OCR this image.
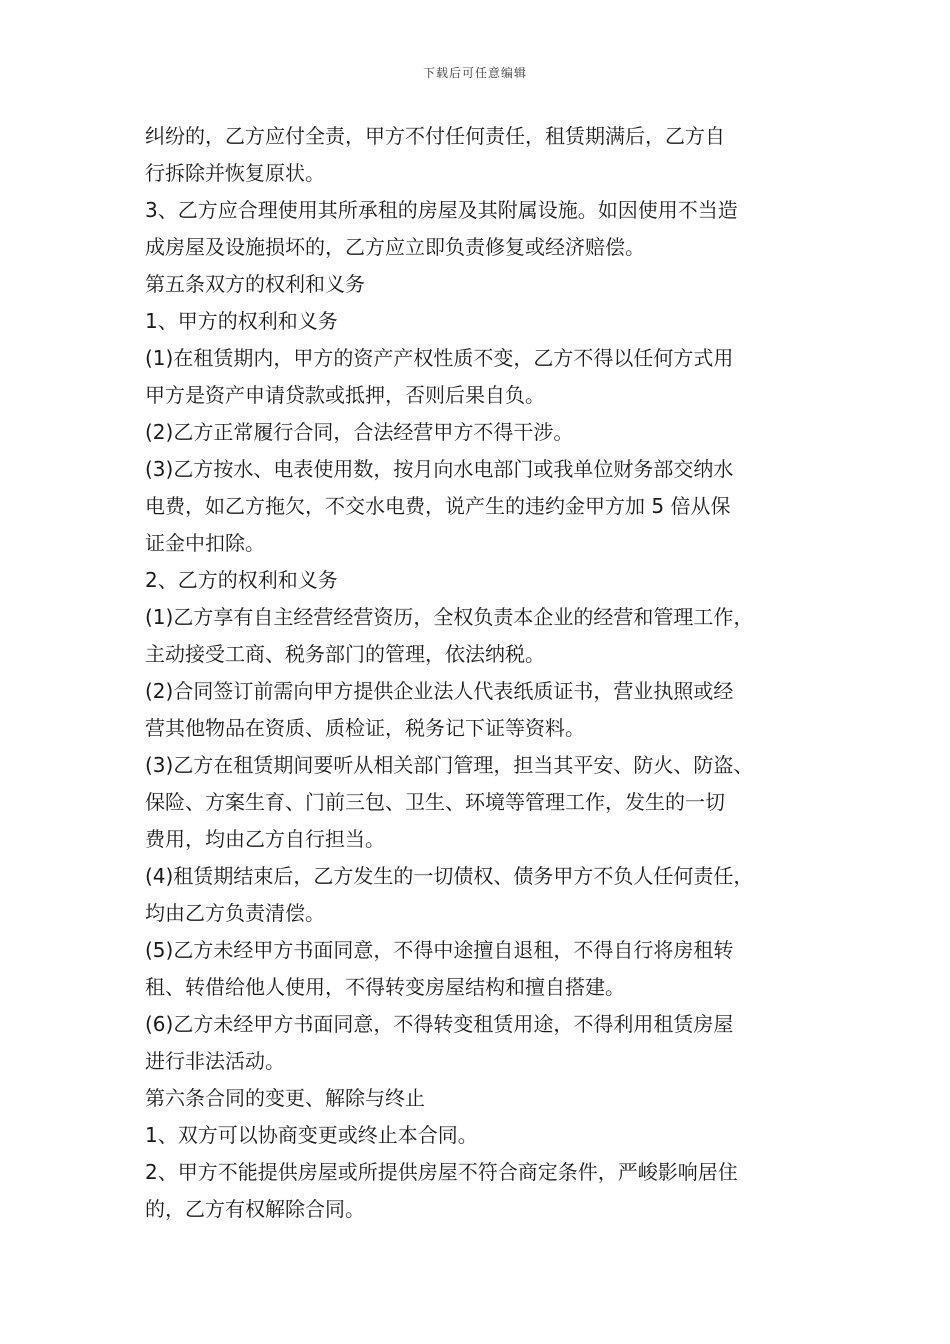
下载后可任意编辑
纠纷的，乙方应付全责，甲方不付任何责任，租赁期满后，乙方自
行拆除并恢复原状。
3、乙方应合理使用其所承租的房屋及其附属设施。如因使用不当造
成房屋及设施损坏的，乙方应立即负责修复或经济赔偿。
第五条双方的权利和义务
1、甲方的权利和义务
(1)在租赁期内，甲方的资产产权性质不变，乙方不得以任何方式用
甲方是资产申请贷款或抵押，否则后果自负。
(2)乙方正常履行合同，合法经营甲方不得干涉。
(3)乙方按水、电表使用数，按月向水电部门或我单位财务部交纳水
电费，如乙方拖欠，不交水电费，说产生的违约金甲方加 5 倍从保
证金中扣除。
2、乙方的权利和义务
(1)乙方享有自主经营经营资历，全权负责本企业的经营和管理工作，
主动接受工商、税务部门的管理，依法纳税。
(2)合同签订前需向甲方提供企业法人代表纸质证书，营业执照或经
营其他物品在资质、质检证，税务记下证等资料。
(3)乙方在租赁期间要听从相关部门管理，担当其平安、防火、防盗、
保险、方案生育、门前三包、卫生、环境等管理工作，发生的一切
费用，均由乙方自行担当。
(4)租赁期结束后，乙方发生的一切债权、债务甲方不负人任何责任，
均由乙方负责清偿。
(5)乙方未经甲方书面同意，不得中途擅自退租，不得自行将房租转
租、转借给他人使用，不得转变房屋结构和擅自搭建。
(6)乙方未经甲方书面同意，不得转变租赁用途，不得利用租赁房屋
进行非法活动。
第六条合同的变更、解除与终止
1、双方可以协商变更或终止本合同。
2、甲方不能提供房屋或所提供房屋不符合商定条件，严峻影响居住
的，乙方有权解除合同。
